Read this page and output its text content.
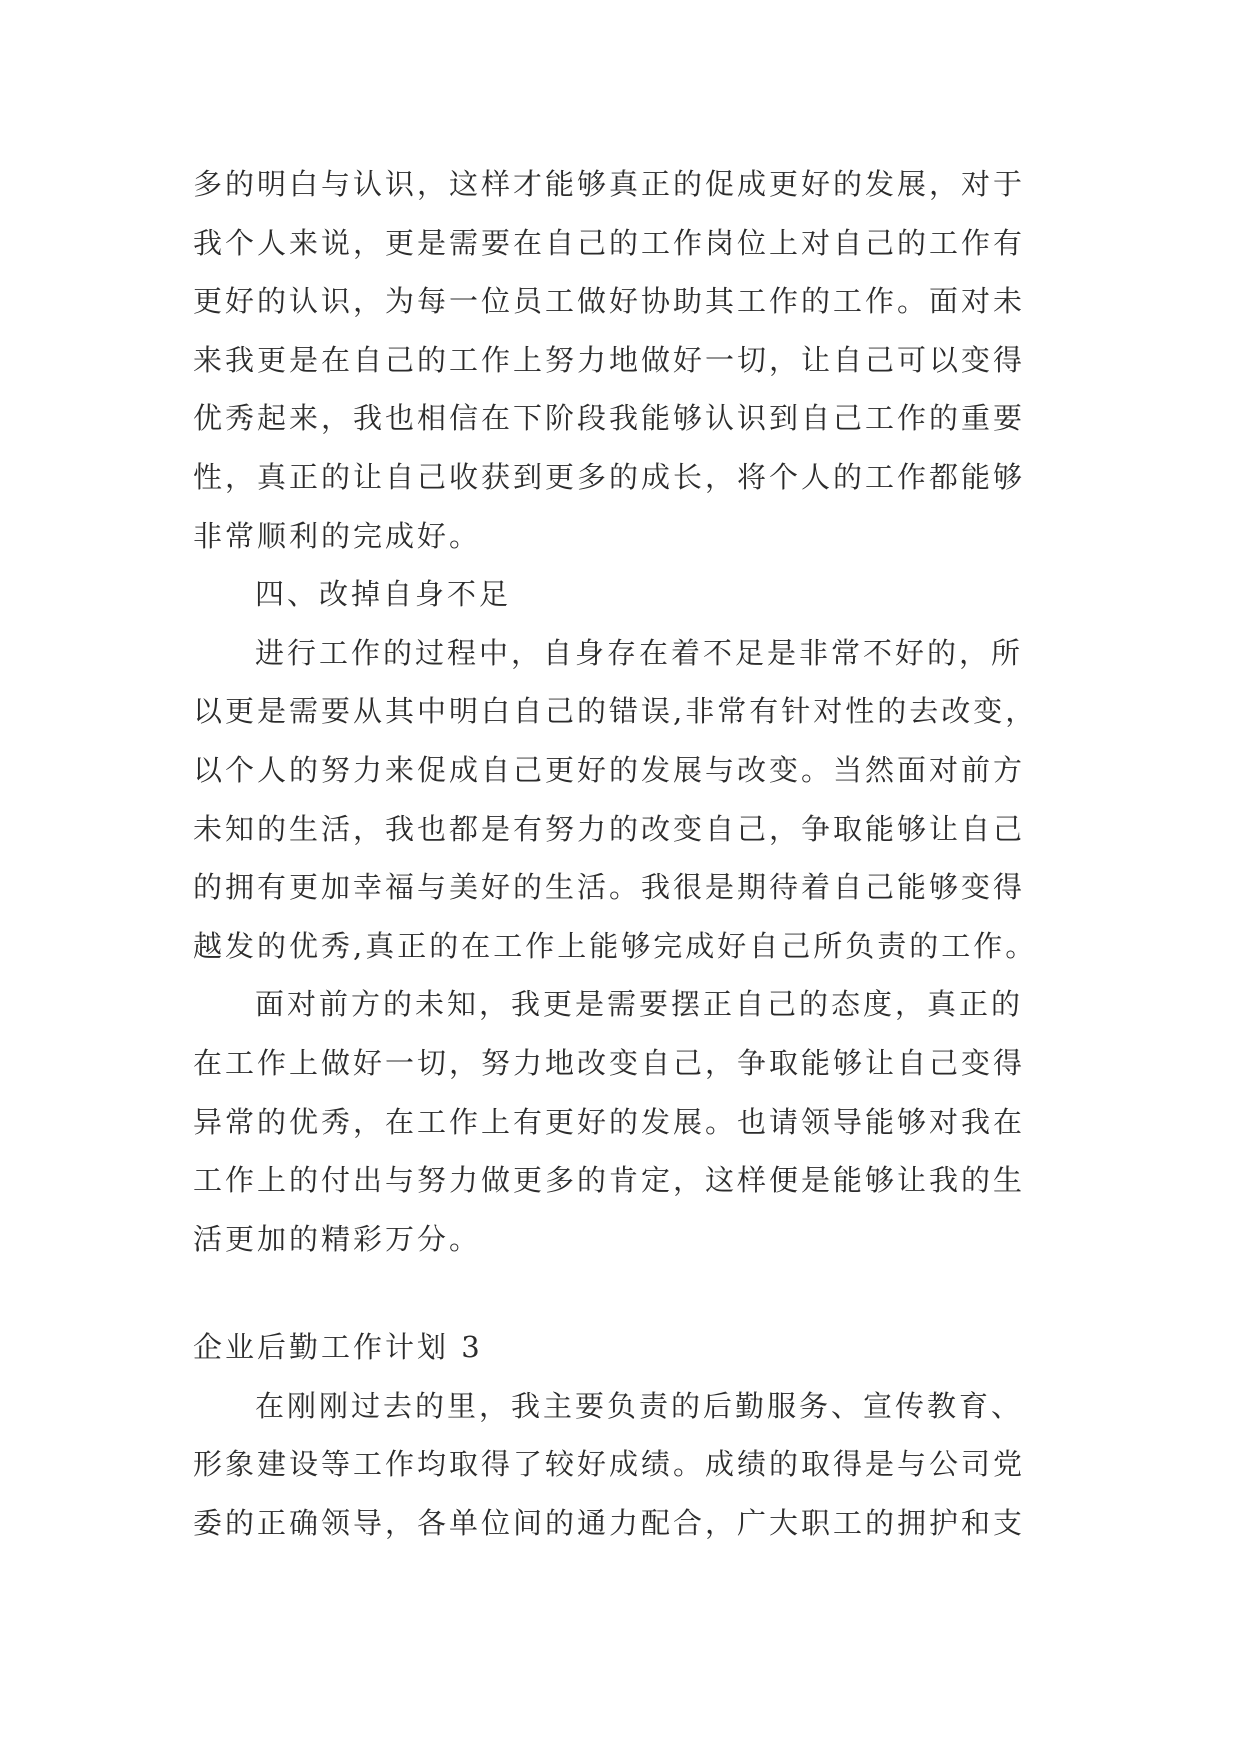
多的明白与认识，这样才能够真正的促成更好的发展，对于
我个人来说，更是需要在自己的工作岗位上对自己的工作有
更好的认识，为每一位员工做好协助其工作的工作。面对未
来我更是在自己的工作上努力地做好一切，让自己可以变得
优秀起来，我也相信在下阶段我能够认识到自己工作的重要
性，真正的让自己收获到更多的成长，将个人的工作都能够
非常顺利的完成好。
四、改掉自身不足
进行工作的过程中，自身存在着不足是非常不好的，所
以更是需要从其中明白自己的错误,非常有针对性的去改变，
以个人的努力来促成自己更好的发展与改变。当然面对前方
未知的生活，我也都是有努力的改变自己，争取能够让自己
的拥有更加幸福与美好的生活。我很是期待着自己能够变得
越发的优秀,真正的在工作上能够完成好自己所负责的工作。
面对前方的未知，我更是需要摆正自己的态度，真正的
在工作上做好一切，努力地改变自己，争取能够让自己变得
异常的优秀，在工作上有更好的发展。也请领导能够对我在
工作上的付出与努力做更多的肯定，这样便是能够让我的生
活更加的精彩万分。
企业后勤工作计划 3
在刚刚过去的里，我主要负责的后勤服务、宣传教育、
形象建设等工作均取得了较好成绩。成绩的取得是与公司党
委的正确领导，各单位间的通力配合，广大职工的拥护和支
